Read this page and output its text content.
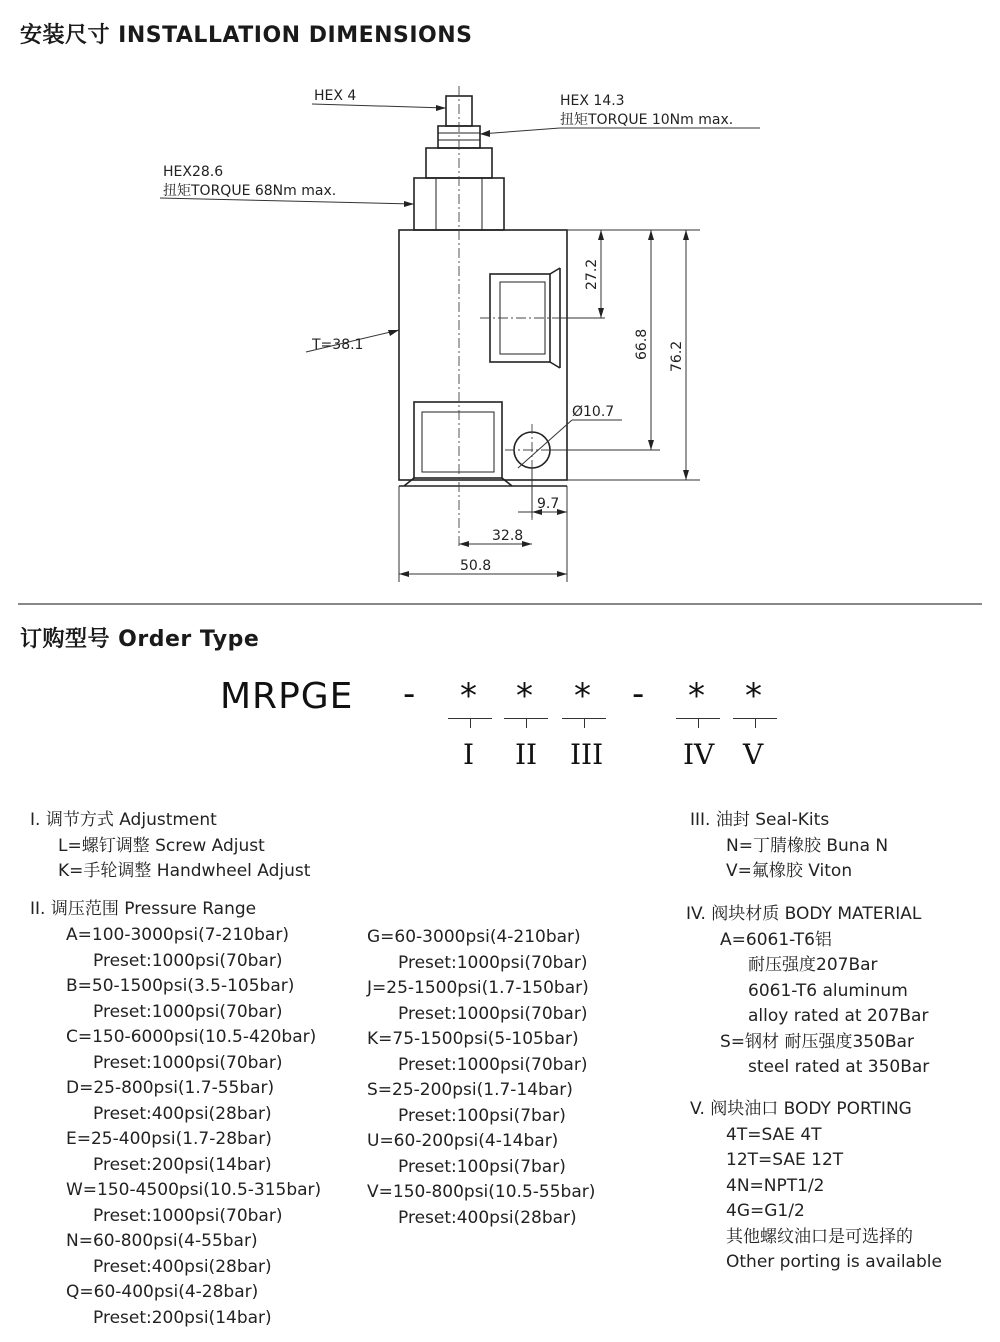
安装尺寸 INSTALLATION DIMENSIONS
HEX 4	HEX 14.3
扭矩TORQUE 10Nm max.
HEX28.6
扭矩TORQUE 68Nm max.
T=38.1
27.2
66.8 76.2
Ø10.7
9.7
32.8
50.8
订购型号 Order Type
MRPGE - * * * - * *
I II III	IV V
I. 调节方式 Adjustment
L=螺钉调整 Screw Adjust
K=手轮调整 Handwheel Adjust
II. 调压范围 Pressure Range
A=100-3000psi(7-210bar)
Preset:1000psi(70bar)
B=50-1500psi(3.5-105bar)
Preset:1000psi(70bar)
C=150-6000psi(10.5-420bar)
Preset:1000psi(70bar)
D=25-800psi(1.7-55bar)
Preset:400psi(28bar)
E=25-400psi(1.7-28bar)
Preset:200psi(14bar)
W=150-4500psi(10.5-315bar)
Preset:1000psi(70bar)
N=60-800psi(4-55bar)
Preset:400psi(28bar)
Q=60-400psi(4-28bar)
Preset:200psi(14bar)
G=60-3000psi(4-210bar)
Preset:1000psi(70bar)
J=25-1500psi(1.7-150bar)
Preset:1000psi(70bar)
K=75-1500psi(5-105bar)
Preset:1000psi(70bar)
S=25-200psi(1.7-14bar)
Preset:100psi(7bar)
U=60-200psi(4-14bar)
Preset:100psi(7bar)
V=150-800psi(10.5-55bar)
Preset:400psi(28bar)
III. 油封 Seal-Kits
N=丁腈橡胶 Buna N
V=氟橡胶 Viton
IV. 阀块材质 BODY MATERIAL
A=6061-T6铝
耐压强度207Bar
6061-T6 aluminum
alloy rated at 207Bar
S=钢材 耐压强度350Bar
steel rated at 350Bar
V. 阀块油口 BODY PORTING
4T=SAE 4T
12T=SAE 12T
4N=NPT1/2
4G=G1/2
其他螺纹油口是可选择的
Other porting is available
